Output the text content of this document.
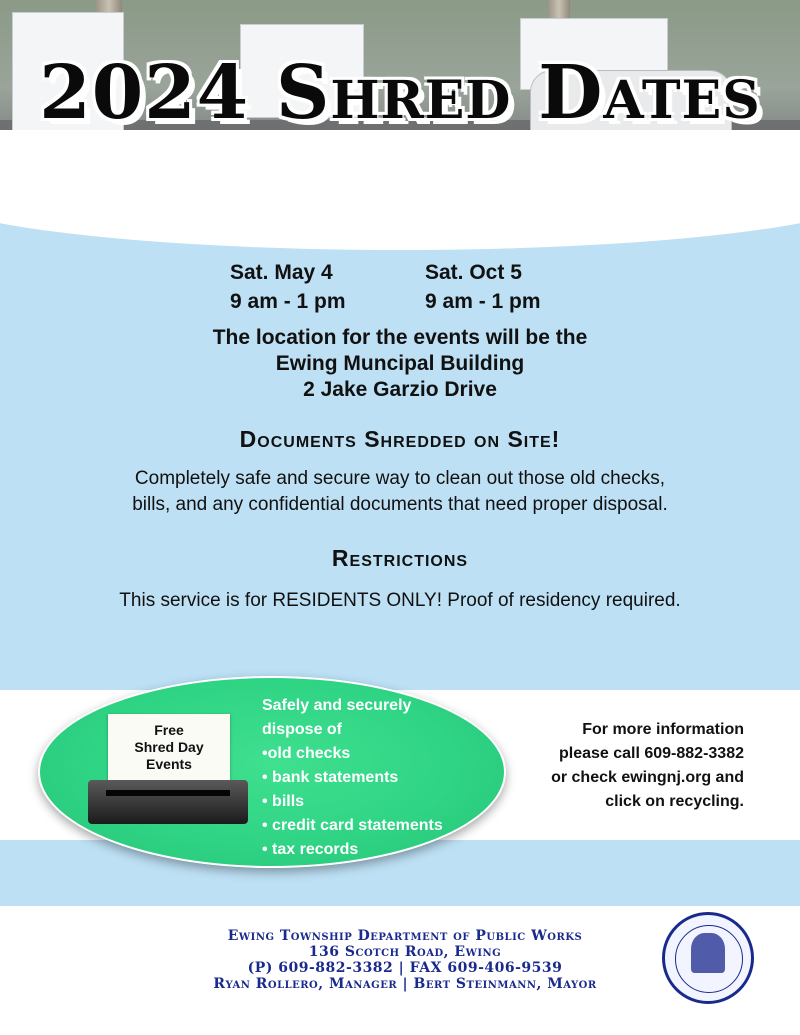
2024 Shred Dates
Sat. May 4
9 am - 1 pm
Sat. Oct 5
9 am - 1 pm
The location for the events will be the
Ewing Muncipal Building
2 Jake Garzio Drive
Documents Shredded on Site!
Completely safe and secure way to clean out those old checks,
bills, and any confidential documents that need proper disposal.
Restrictions
This service is for RESIDENTS ONLY! Proof of residency required.
Free
Shred Day
Events
Safely and securely
dispose of
•old checks
• bank statements
• bills
• credit card statements
• tax records
For more information
please call 609-882-3382
or check ewingnj.org and
click on recycling.
Ewing Township Department of Public Works
136 Scotch Road, Ewing
(P) 609-882-3382 | FAX 609-406-9539
Ryan Rollero, Manager | Bert Steinmann, Mayor
